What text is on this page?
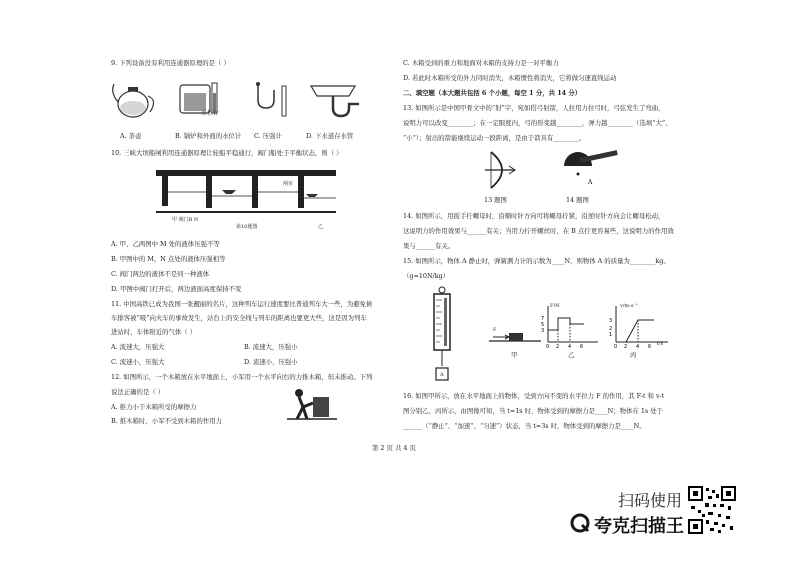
9. 下列设备没有利用连通器原理的是（ ）
水位计
A. 茶壶	B. 锅炉和外面的水位计 C. 压强计	D. 下水道存水管
10. 三峡大坝船闸利用连通器原理让轮船平稳通行，阀门船处于平衡状态，则（ ）
闸室
甲 阀门B N
第10题图	乙
A. 甲、乙两图中 M 处的液体压强不等
B. 甲图中的 M、N 点处的液体压强相等
C. 阀门两边的液体不是同一种液体
D. 甲图中阀门打开后，两边液面高度保持不变
11. 中国高铁已成为我国一张靓丽的名片，这种列车运行速度要比普通列车大一些，为避免候
车排客被“吸”向火车的事故发生，站台上的安全线与列车的距离也要更大些，这是因为列车
进站时，车体附近的气体（ ）
A. 流速大，压强大	B. 流速大，压强小
C. 流速小，压强大	D. 流速小，压强小
12. 如图所示，一个木箱放在水平地面上，小军用一个水平向右的力推木箱，但未推动。下列
说法正确的是（ ）
A. 推力小于木箱所受的摩擦力
B. 推木箱时，小军不受到木箱的作用力
C. 木箱受到的重力和地面对木箱的支持力是一对平衡力
D. 若此时木箱所受的外力同时消失，木箱惯性将消失，它将做匀速直线运动
二、填空题（本大题共包括 6 个小题，每空 1 分，共 14 分）
13. 如图所示是中国甲骨文中的“射”字，宛如搭弓射箭，人拉用力拉弓时，弓弦发生了弯曲，
说明力可以改变________；在一定限度内，弓的形变越________，弹力越________（选填“大”、
“小”）；射出的箭能继续运动一段距离，是由于箭具有________。
A
13 题图	14 题图
14. 如图所示，用扳手拧螺母时，沿顺时针方向可将螺母拧紧，沿逆时针方向会让螺母松动，
这说明力的作用效果与______有关；当用力拧开螺丝时，在 B 点拧更容易些，这说明力的作用效
果与______有关。
15. 如图所示，物体 A 静止时，弹簧测力计的示数为____N，则物体 A 的质量为________kg。
（g=10N/kg）
A
F
7
5
3
0 2 4 6
F/N
3
2
1
0 2 4 6
v/m·s⁻¹
t/s
甲	乙	丙
16. 如图甲所示，放在水平地面上的物体，受到方向不变的水平拉力 F 的作用，其 F-t 和 v-t
图分别乙、丙所示，由图像可知，当 t=1s 时，物体受到的摩擦力是____N；物体在 1s 处于
______（“静止”、“加速”、“匀速”）状态，当 t=3s 时，物体受到的摩擦力是____N。
第 2 页 共 4 页
扫码使用
夸克扫描王
